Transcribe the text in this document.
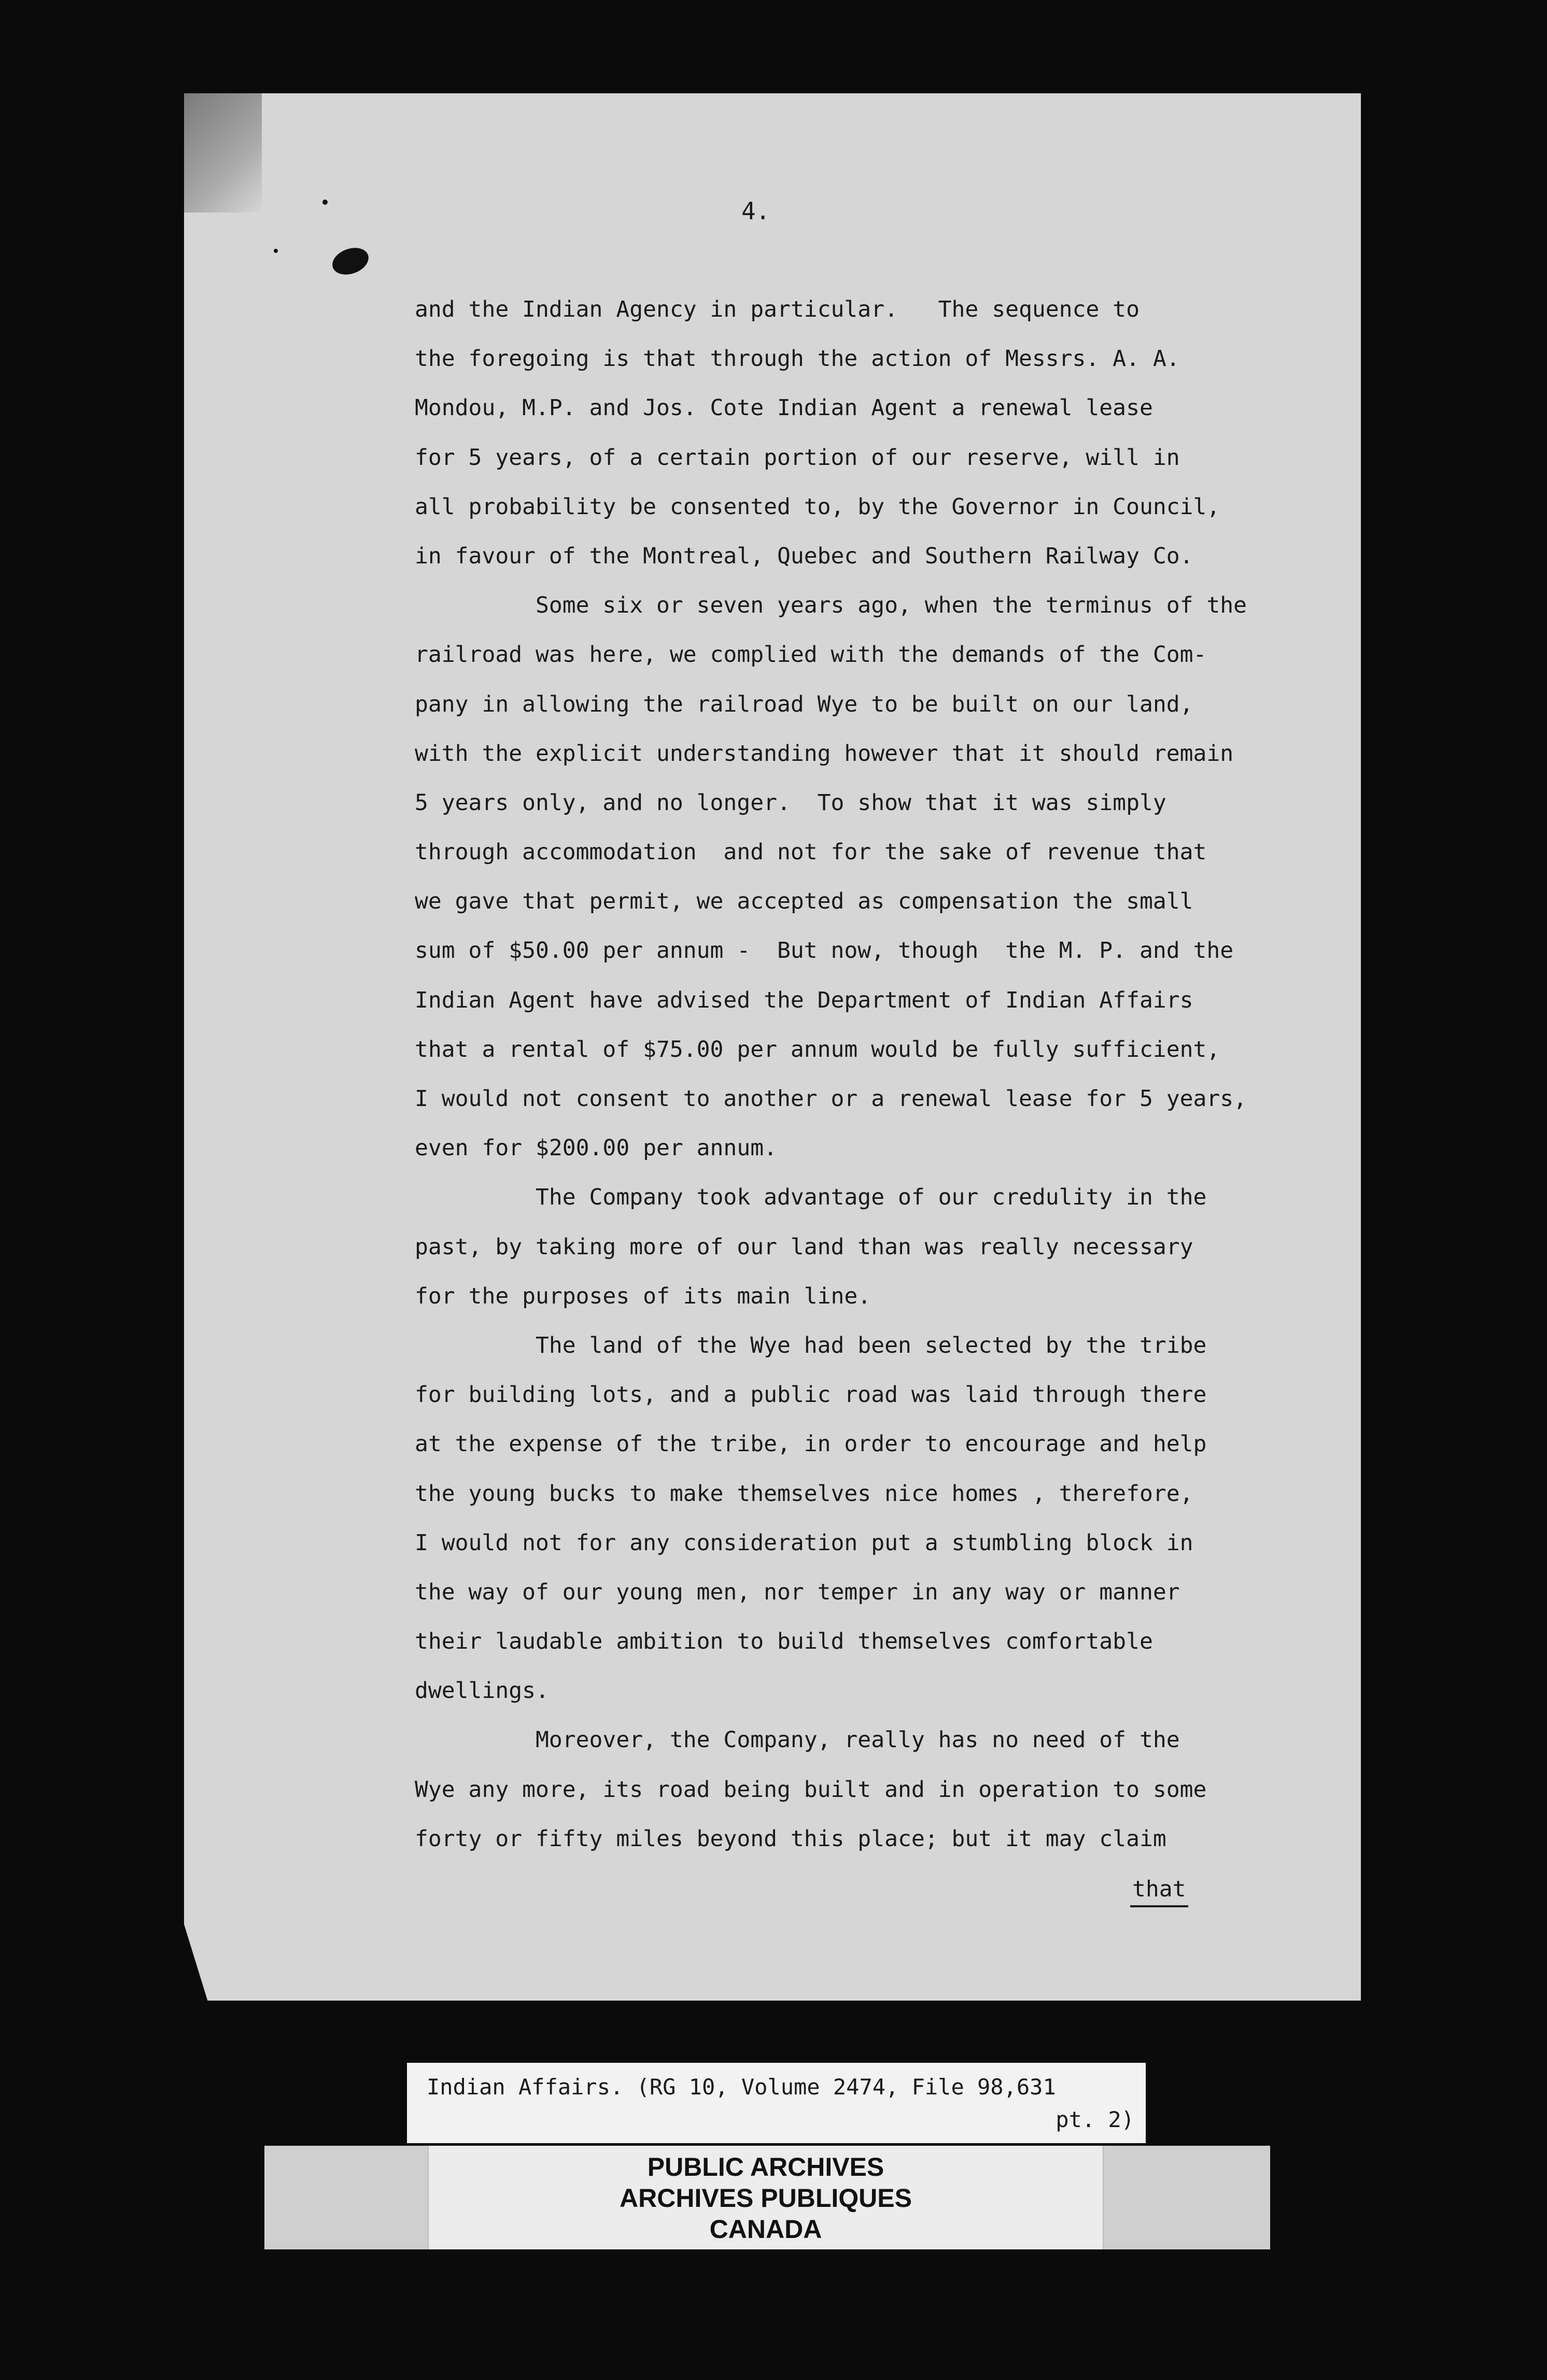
4.
and the Indian Agency in particular.   The sequence to
the foregoing is that through the action of Messrs. A. A.
Mondou, M.P. and Jos. Cote Indian Agent a renewal lease
for 5 years, of a certain portion of our reserve, will in
all probability be consented to, by the Governor in Council,
in favour of the Montreal, Quebec and Southern Railway Co.
Some six or seven years ago, when the terminus of the
railroad was here, we complied with the demands of the Com-
pany in allowing the railroad Wye to be built on our land,
with the explicit understanding however that it should remain
5 years only, and no longer.  To show that it was simply
through accommodation  and not for the sake of revenue that
we gave that permit, we accepted as compensation the small
sum of $50.00 per annum -  But now, though  the M. P. and the
Indian Agent have advised the Department of Indian Affairs
that a rental of $75.00 per annum would be fully sufficient,
I would not consent to another or a renewal lease for 5 years,
even for $200.00 per annum.
The Company took advantage of our credulity in the
past, by taking more of our land than was really necessary
for the purposes of its main line.
The land of the Wye had been selected by the tribe
for building lots, and a public road was laid through there
at the expense of the tribe, in order to encourage and help
the young bucks to make themselves nice homes , therefore,
I would not for any consideration put a stumbling block in
the way of our young men, nor temper in any way or manner
their laudable ambition to build themselves comfortable
dwellings.
Moreover, the Company, really has no need of the
Wye any more, its road being built and in operation to some
forty or fifty miles beyond this place; but it may claim
that
Indian Affairs. (RG 10, Volume 2474, File 98,631
pt. 2)
PUBLIC ARCHIVES
ARCHIVES PUBLIQUES
CANADA
